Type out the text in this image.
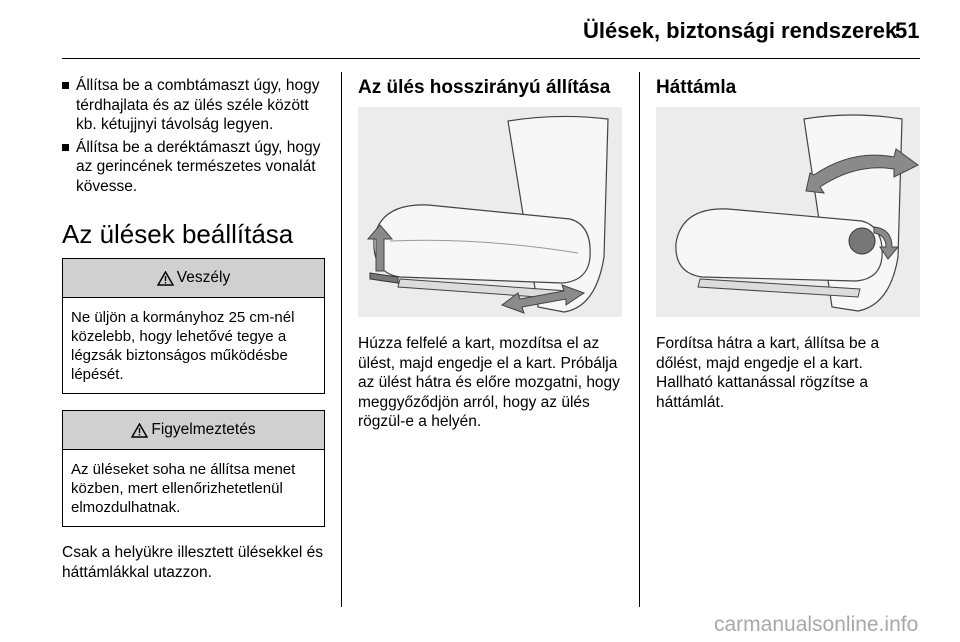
Ülések, biztonsági rendszerek
51
Állítsa be a combtámaszt úgy, hogy térdhajlata és az ülés széle között kb. kétujjnyi távolság legyen.
Állítsa be a deréktámaszt úgy, hogy az gerincének természetes vonalát kövesse.
Az ülések beállítása
Veszély
Ne üljön a kormányhoz 25 cm-nél közelebb, hogy lehetővé tegye a légzsák biztonságos működésbe lépését.
Figyelmeztetés
Az üléseket soha ne állítsa menet közben, mert ellenőrizhetetlenül elmozdulhatnak.

Csak a helyükre illesztett ülésekkel és háttámlákkal utazzon.

Az ülés hosszirányú állítása

Húzza felfelé a kart, mozdítsa el az ülést, majd engedje el a kart. Próbálja az ülést hátra és előre mozgatni, hogy meggyőződjön arról, hogy az ülés rögzül-e a helyén.

Háttámla

Fordítsa hátra a kart, állítsa be a dőlést, majd engedje el a kart. Hallható kattanással rögzítse a háttámlát.

carmanualsonline.info
